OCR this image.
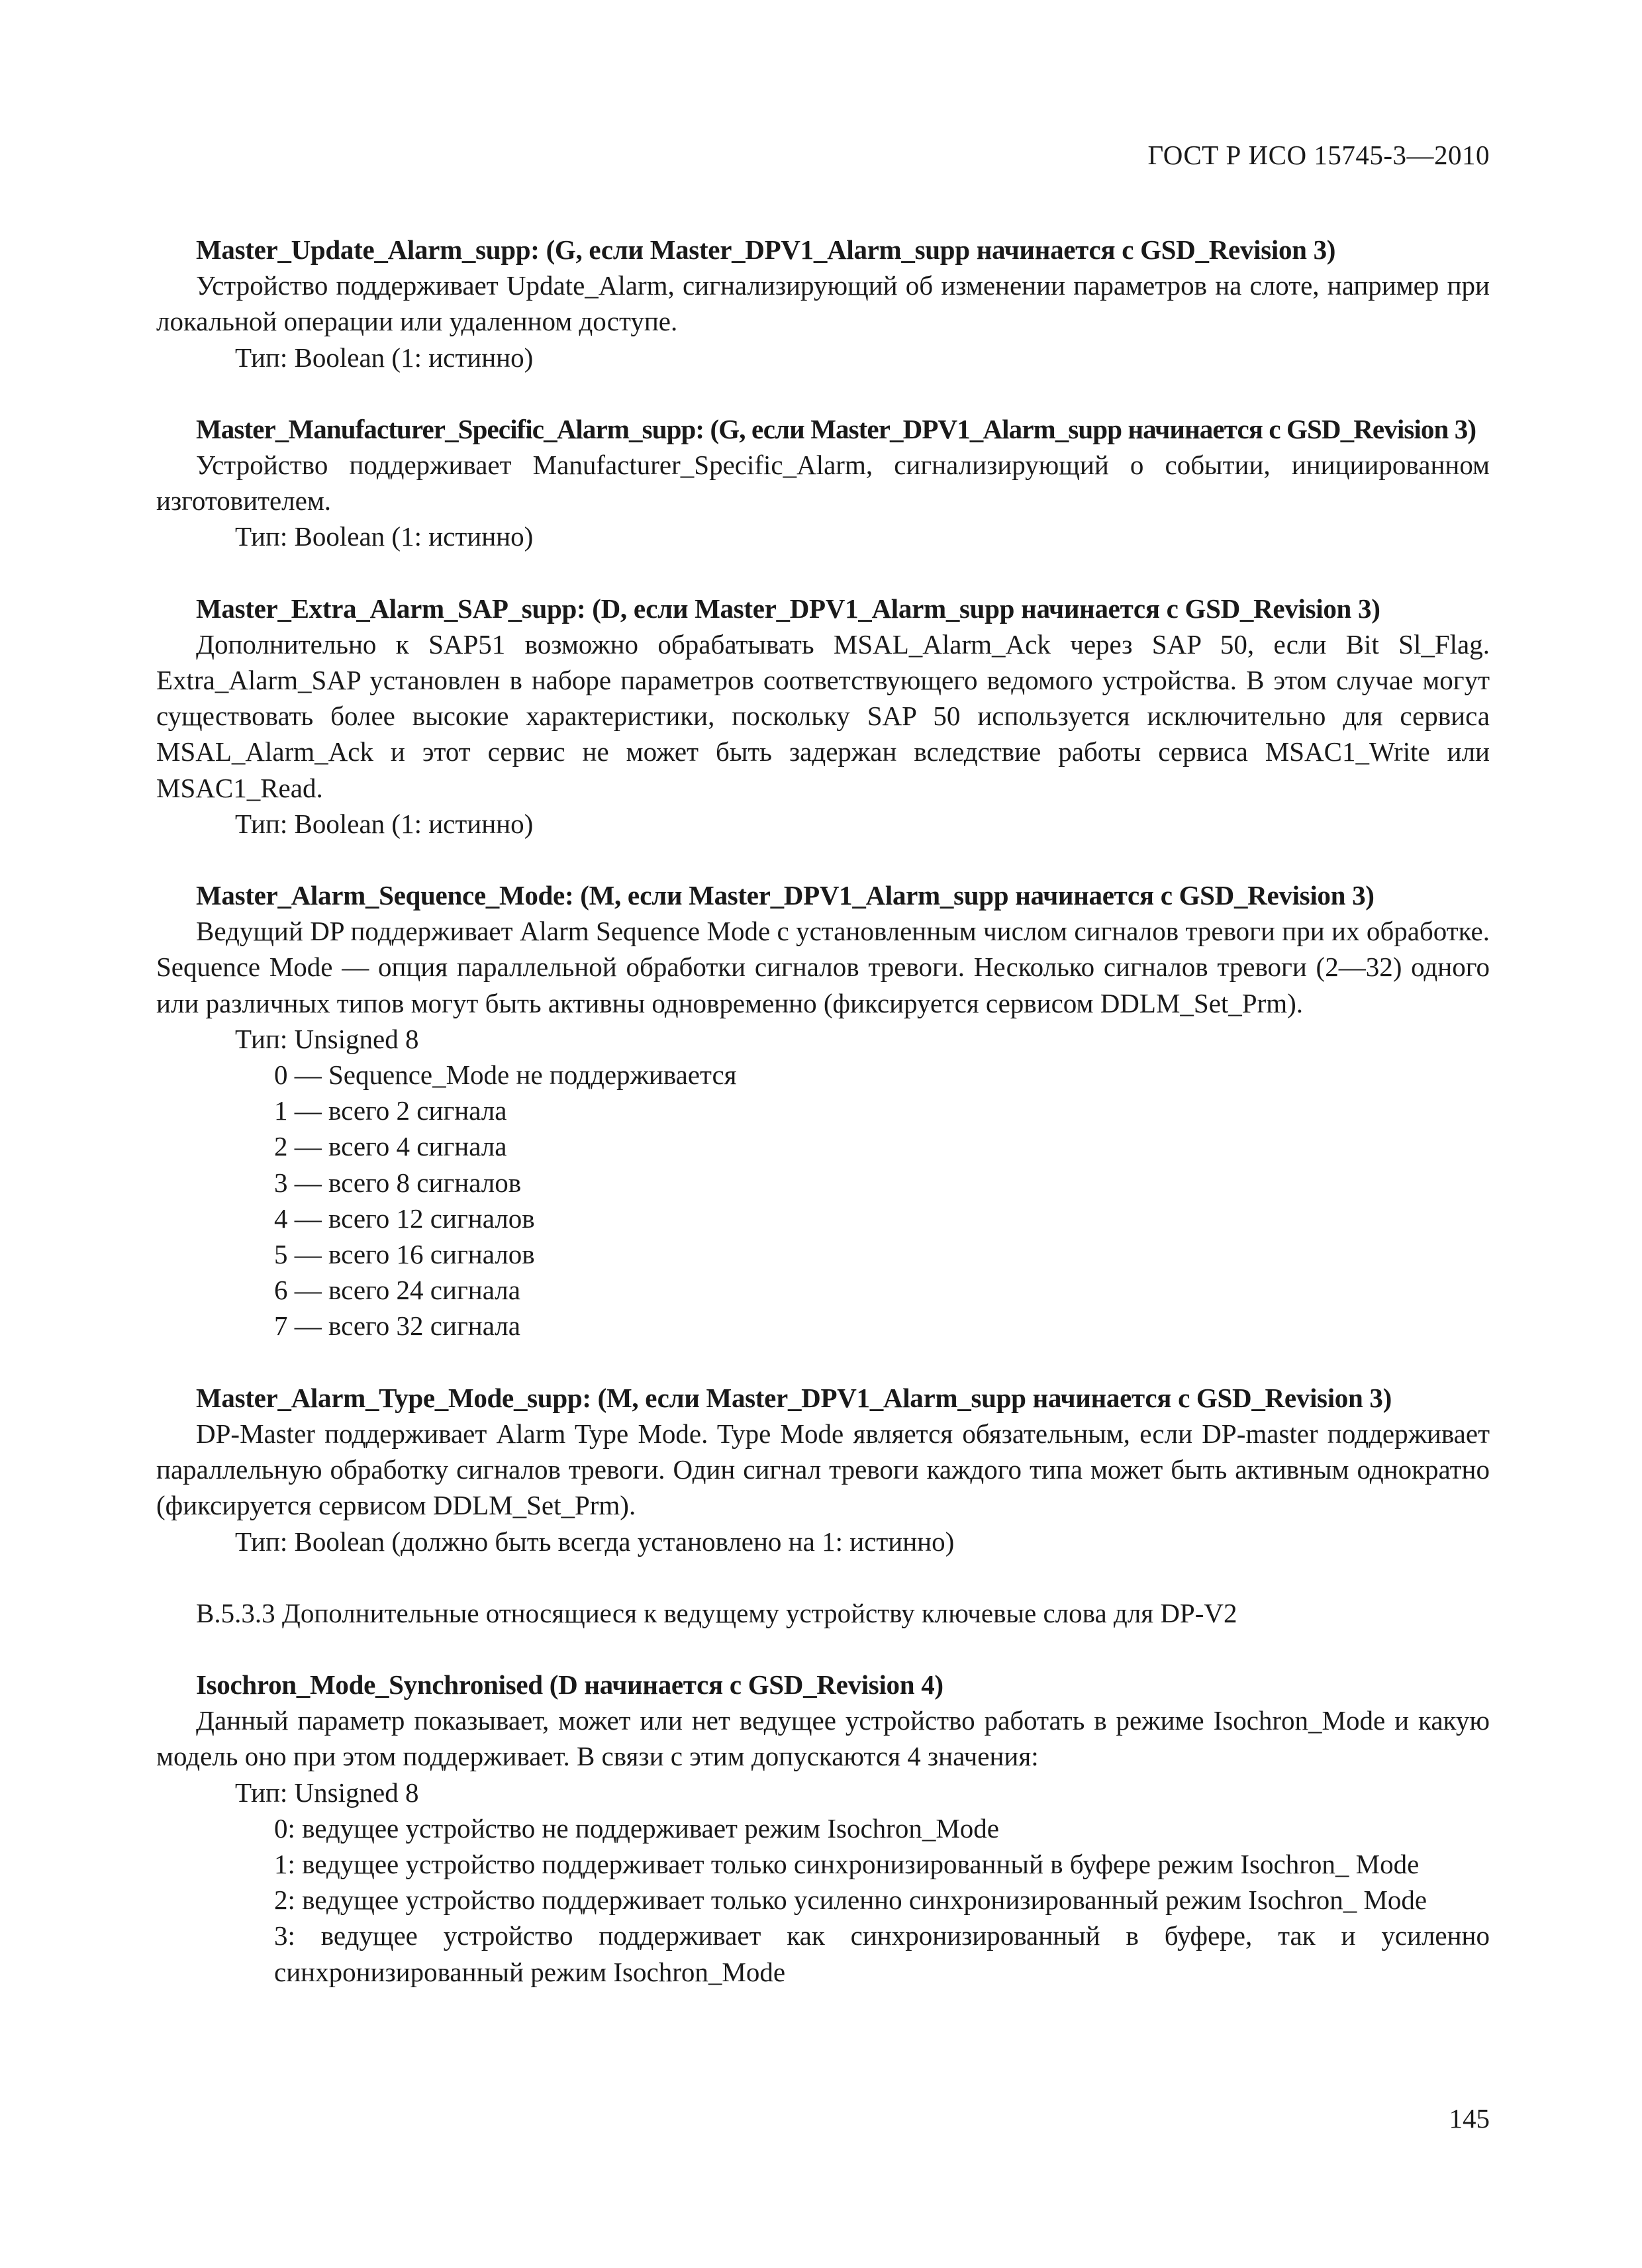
ГОСТ Р ИСО 15745-3—2010
Master_Update_Alarm_supp: (G, если Master_DPV1_Alarm_supp начинается с GSD_Revision 3)
Устройство поддерживает Update_Alarm, сигнализирующий об изменении параметров на слоте, например при локальной операции или удаленном доступе.
Тип: Boolean (1: истинно)
Master_Manufacturer_Specific_Alarm_supp: (G, если Master_DPV1_Alarm_supp начинается с GSD_Revision 3)
Устройство поддерживает Manufacturer_Specific_Alarm, сигнализирующий о событии, инициированном изготовителем.
Тип: Boolean (1: истинно)
Master_Extra_Alarm_SAP_supp: (D, если Master_DPV1_Alarm_supp начинается с GSD_Revision 3)
Дополнительно к SAP51 возможно обрабатывать MSAL_Alarm_Ack через SAP 50, если Bit Sl_Flag. Extra_Alarm_SAP установлен в наборе параметров соответствующего ведомого устройства. В этом случае могут существовать более высокие характеристики, поскольку SAP 50 используется исключительно для сервиса MSAL_Alarm_Ack и этот сервис не может быть задержан вследствие работы сервиса MSAC1_Write или MSAC1_Read.
Тип: Boolean (1: истинно)
Master_Alarm_Sequence_Mode: (M, если Master_DPV1_Alarm_supp начинается с GSD_Revision 3)
Ведущий DP поддерживает Alarm Sequence Mode с установленным числом сигналов тревоги при их обработке. Sequence Mode — опция параллельной обработки сигналов тревоги. Несколько сигналов тревоги (2—32) одного или различных типов могут быть активны одновременно (фиксируется сервисом DDLM_Set_Prm).
Тип: Unsigned 8
0 — Sequence_Mode не поддерживается
1 — всего 2 сигнала
2 — всего 4 сигнала
3 — всего 8 сигналов
4 — всего 12 сигналов
5 — всего 16 сигналов
6 — всего 24 сигнала
7 — всего 32 сигнала
Master_Alarm_Type_Mode_supp: (M, если Master_DPV1_Alarm_supp начинается с GSD_Revision 3)
DP-Master поддерживает Alarm Type Mode. Type Mode является обязательным, если DP-master поддерживает параллельную обработку сигналов тревоги. Один сигнал тревоги каждого типа может быть активным однократно (фиксируется сервисом DDLM_Set_Prm).
Тип: Boolean (должно быть всегда установлено на 1: истинно)
B.5.3.3 Дополнительные относящиеся к ведущему устройству ключевые слова для DP-V2
Isochron_Mode_Synchronised (D начинается с GSD_Revision 4)
Данный параметр показывает, может или нет ведущее устройство работать в режиме Isochron_Mode и какую модель оно при этом поддерживает. В связи с этим допускаются 4 значения:
Тип: Unsigned 8
0: ведущее устройство не поддерживает режим Isochron_Mode
1: ведущее устройство поддерживает только синхронизированный в буфере режим Isochron_ Mode
2: ведущее устройство поддерживает только усиленно синхронизированный режим Isochron_ Mode
3: ведущее устройство поддерживает как синхронизированный в буфере, так и усиленно синхронизированный режим Isochron_Mode
145
